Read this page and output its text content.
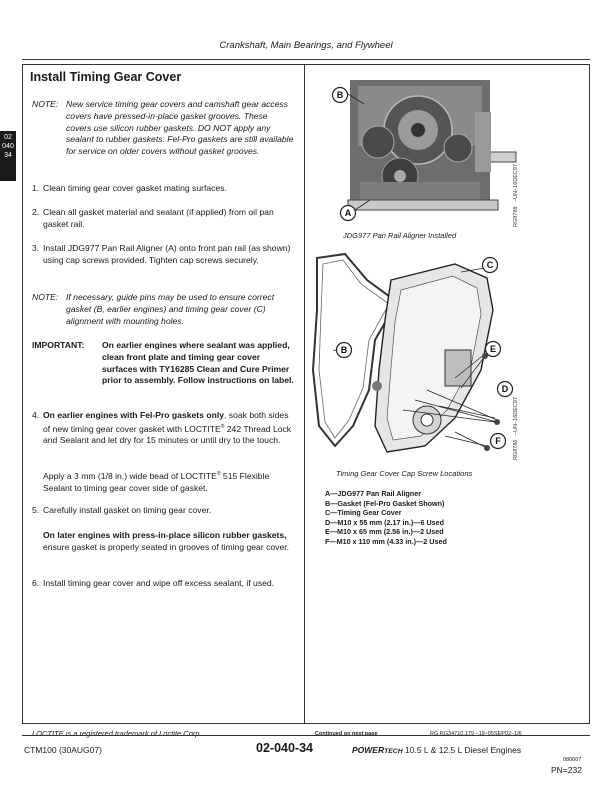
Crankshaft, Main Bearings, and Flywheel
02
040
34
Install Timing Gear Cover
NOTE: New service timing gear covers and camshaft gear access covers have pressed-in-place gasket grooves. These covers use silicon rubber gaskets. DO NOT apply any sealant to rubber gaskets. Fel-Pro gaskets are still available for service on older covers without gasket grooves.
1. Clean timing gear cover gasket mating surfaces.
2. Clean all gasket material and sealant (if applied) from oil pan gasket rail.
3. Install JDG977 Pan Rail Aligner (A) onto front pan rail (as shown) using cap screws provided. Tighten cap screws securely.
NOTE: If necessary, guide pins may be used to ensure correct gasket (B, earlier engines) and timing gear cover (C) alignment with mounting holes.
IMPORTANT:	On earlier engines where sealant was applied, clean front plate and timing gear cover surfaces with TY16285 Clean and Cure Primer prior to assembly. Follow instructions on label.
4. On earlier engines with Fel-Pro gaskets only, soak both sides of new timing gear cover gasket with LOCTITE® 242 Thread Lock and Sealant and let dry for 15 minutes or until dry to the touch.
Apply a 3 mm (1/8 in.) wide bead of LOCTITE® 515 Flexible Sealant to timing gear cover side of gasket.
5. Carefully install gasket on timing gear cover.
On later engines with press-in-place silicon rubber gaskets, ensure gasket is properly seated in grooves of timing gear cover.
6. Install timing gear cover and wipe off excess sealant, if used.
B
A
JDG977 Pan Rail Aligner Installed
RG9788   –UN–16DEC97
C
B	E
D
F
Timing Gear Cover Cap Screw Locations
RG9786   –UN–16DEC97
A—JDG977 Pan Rail Aligner
B—Gasket (Fel-Pro Gasket Shown)
C—Timing Gear Cover
D—M10 x 55 mm (2.17 in.)—6 Used
E—M10 x 65 mm (2.56 in.)—2 Used
F—M10 x 110 mm (4.33 in.)—2 Used
LOCTITE is a registered trademark of Loctite Corp.	Continued on next page	RG,RG34710,179 –19–05SEP02–1/6
CTM100 (30AUG07)	02-040-34	POWERTECH 10.5 L & 12.5 L Diesel Engines
080607
PN=232
